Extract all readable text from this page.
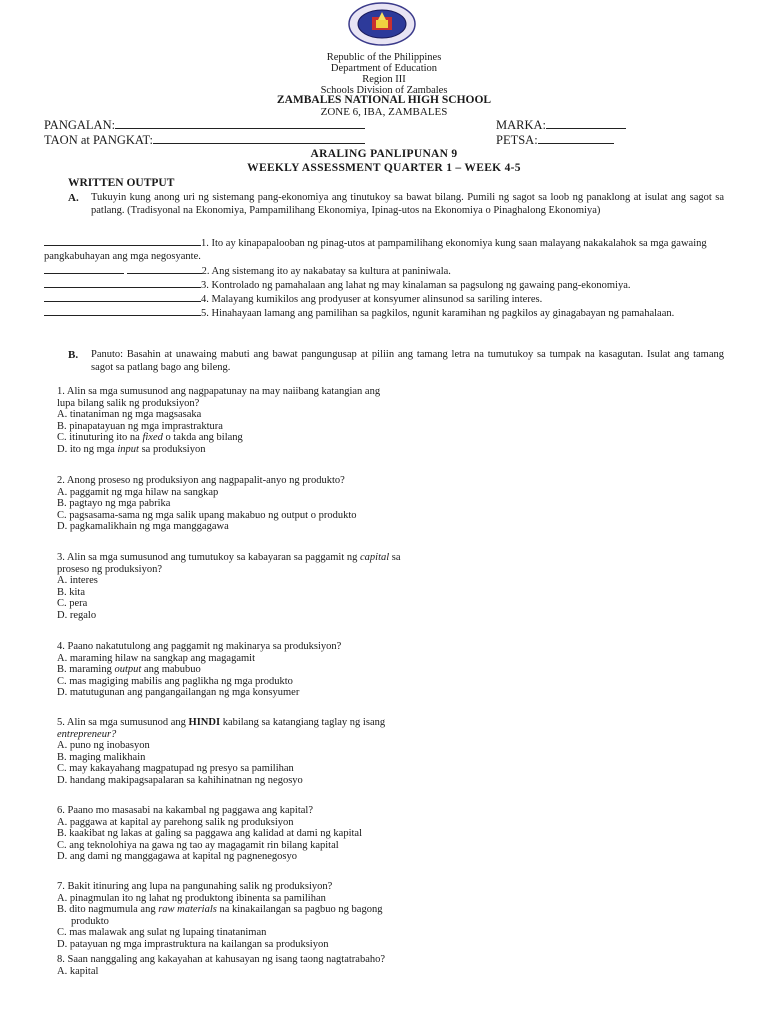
Republic of the Philippines
Department of Education
Region III
Schools Division of Zambales
ZAMBALES NATIONAL HIGH SCHOOL
ZONE 6, IBA, ZAMBALES
PANGALAN:	MARKA:
TAON at PANGKAT:	PETSA:
ARALING PANLIPUNAN 9
WEEKLY ASSESSMENT QUARTER 1 – WEEK 4-5
WRITTEN OUTPUT
A. Tukuyin kung anong uri ng sistemang pang-ekonomiya ang tinutukoy sa bawat bilang. Pumili ng sagot sa loob ng panaklong at isulat ang sagot sa patlang. (Tradisyonal na Ekonomiya, Pampamilihang Ekonomiya, Ipinag-utos na Ekonomiya o Pinaghalong Ekonomiya)
1. Ito ay kinapapalooban ng pinag-utos at pampamilihang ekonomiya kung saan malayang nakakalahok sa mga gawaing pangkabuhayan ang mga negosyante.
2. Ang sistemang ito ay nakabatay sa kultura at paniniwala.
3. Kontrolado ng pamahalaan ang lahat ng may kinalaman sa pagsulong ng gawaing pang-ekonomiya.
4. Malayang kumikilos ang prodyuser at konsyumer alinsunod sa sariling interes.
5. Hinahayaan lamang ang pamilihan sa pagkilos, ngunit karamihan ng pagkilos ay ginagabayan ng pamahalaan.
B. Panuto: Basahin at unawaing mabuti ang bawat pangungusap at piliin ang tamang letra na tumutukoy sa tumpak na kasagutan. Isulat ang tamang sagot sa patlang bago ang bileng.
1. Alin sa mga sumusunod ang nagpapatunay na may naiibang katangian ang
lupa bilang salik ng produksiyon?
A. tinataniman ng mga magsasaka
B. pinapatayuan ng mga imprastraktura
C. itinuturing ito na fixed o takda ang bilang
D. ito ng mga input sa produksiyon
2. Anong proseso ng produksiyon ang nagpapalit-anyo ng produkto?
A. paggamit ng mga hilaw na sangkap
B. pagtayo ng mga pabrika
C. pagsasama-sama ng mga salik upang makabuo ng output o produkto
D. pagkamalikhain ng mga manggagawa
3. Alin sa mga sumusunod ang tumutukoy sa kabayaran sa paggamit ng capital sa
proseso ng produksiyon?
A. interes
B. kita
C. pera
D. regalo
4. Paano nakatutulong ang paggamit ng makinarya sa produksiyon?
A. maraming hilaw na sangkap ang magagamit
B. maraming output ang mabubuo
C. mas magiging mabilis ang paglikha ng mga produkto
D. matutugunan ang pangangailangan ng mga konsyumer
5. Alin sa mga sumusunod ang HINDI kabilang sa katangiang taglay ng isang
entrepreneur?
A. puno ng inobasyon
B. maging malikhain
C. may kakayahang magpatupad ng presyo sa pamilihan
D. handang makipagsapalaran sa kahihinatnan ng negosyo
6. Paano mo masasabi na kakambal ng paggawa ang kapital?
A. paggawa at kapital ay parehong salik ng produksiyon
B. kaakibat ng lakas at galing sa paggawa ang kalidad at dami ng kapital
C. ang teknolohiya na gawa ng tao ay magagamit rin bilang kapital
D. ang dami ng manggagawa at kapital ng pagnenegosyo
7. Bakit itinuring ang lupa na pangunahing salik ng produksiyon?
A. pinagmulan ito ng lahat ng produktong ibinenta sa pamilihan
B. dito nagmumula ang raw materials na kinakailangan sa pagbuo ng bagong
produkto
C. mas malawak ang sulat ng lupaing tinataniman
D. patayuan ng mga imprastruktura na kailangan sa produksiyon
8. Saan nanggaling ang kakayahan at kahusayan ng isang taong nagtatrabaho?
A. kapital
